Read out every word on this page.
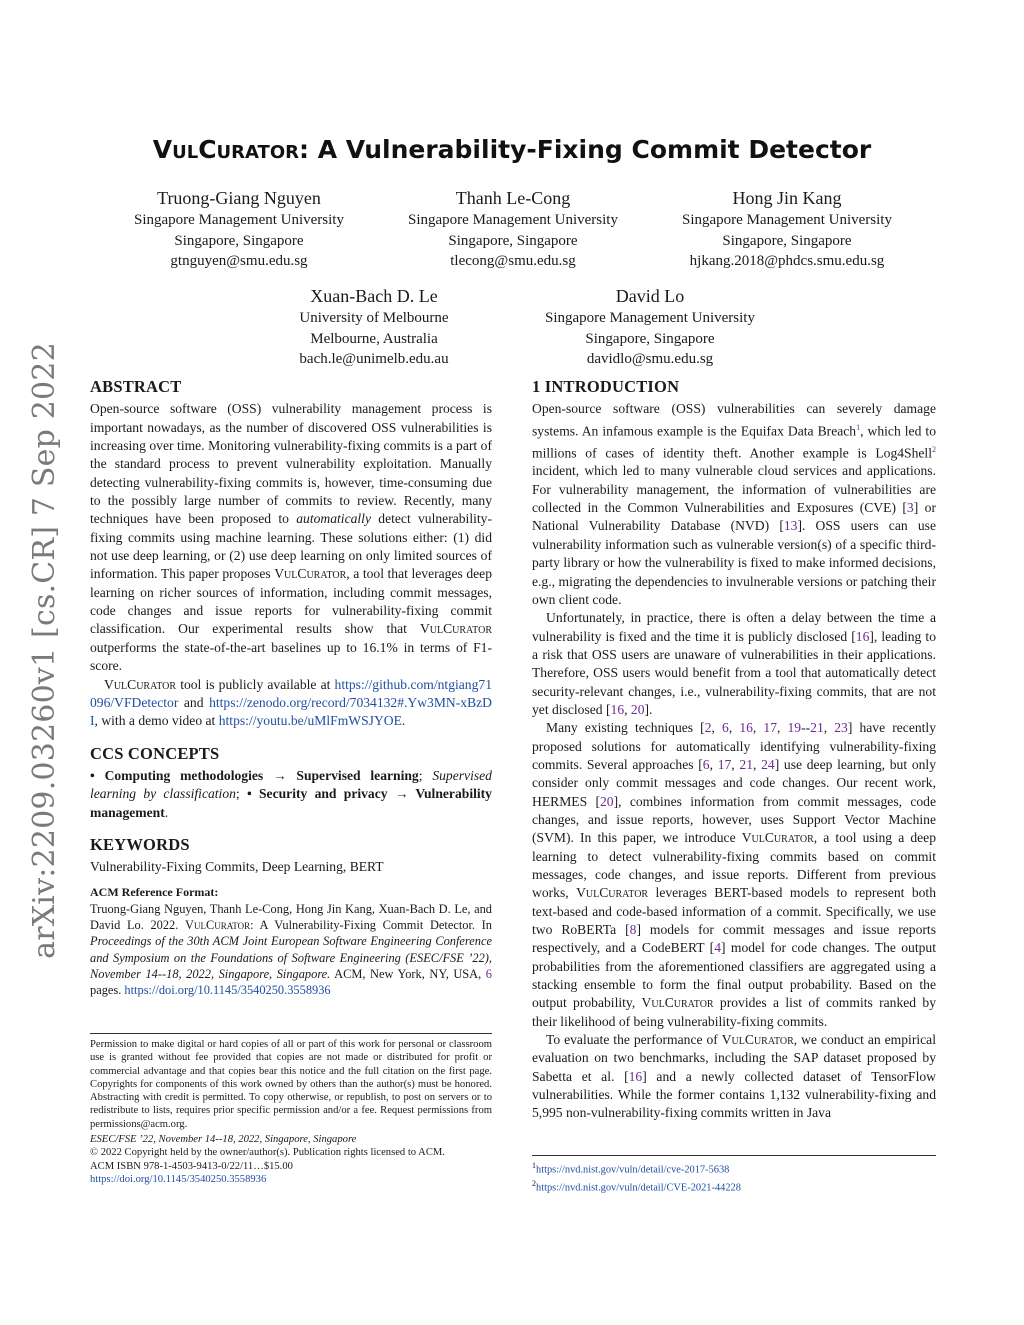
arXiv:2209.03260v1 [cs.CR] 7 Sep 2022
VulCurator: A Vulnerability-Fixing Commit Detector
Truong-Giang Nguyen
Singapore Management University
Singapore, Singapore
gtnguyen@smu.edu.sg
Thanh Le-Cong
Singapore Management University
Singapore, Singapore
tlecong@smu.edu.sg
Hong Jin Kang
Singapore Management University
Singapore, Singapore
hjkang.2018@phdcs.smu.edu.sg
Xuan-Bach D. Le
University of Melbourne
Melbourne, Australia
bach.le@unimelb.edu.au
David Lo
Singapore Management University
Singapore, Singapore
davidlo@smu.edu.sg
ABSTRACT

Open-source software (OSS) vulnerability management process is important nowadays, as the number of discovered OSS vulnerabilities is increasing over time. Monitoring vulnerability-fixing commits is a part of the standard process to prevent vulnerability exploitation. Manually detecting vulnerability-fixing commits is, however, time-consuming due to the possibly large number of commits to review. Recently, many techniques have been proposed to automatically detect vulnerability-fixing commits using machine learning. These solutions either: (1) did not use deep learning, or (2) use deep learning on only limited sources of information. This paper proposes VulCurator, a tool that leverages deep learning on richer sources of information, including commit messages, code changes and issue reports for vulnerability-fixing commit classification. Our experimental results show that VulCurator outperforms the state-of-the-art baselines up to 16.1% in terms of F1-score.

VulCurator tool is publicly available at https://github.com/ntgiang71096/VFDetector and https://zenodo.org/record/7034132#.Yw3MN-xBzDI, with a demo video at https://youtu.be/uMlFmWSJYOE.

CCS CONCEPTS

• Computing methodologies → Supervised learning; Supervised learning by classification; • Security and privacy → Vulnerability management.

KEYWORDS

Vulnerability-Fixing Commits, Deep Learning, BERT

ACM Reference Format:

Truong-Giang Nguyen, Thanh Le-Cong, Hong Jin Kang, Xuan-Bach D. Le, and David Lo. 2022. VulCurator: A Vulnerability-Fixing Commit Detector. In Proceedings of the 30th ACM Joint European Software Engineering Conference and Symposium on the Foundations of Software Engineering (ESEC/FSE ’22), November 14--18, 2022, Singapore, Singapore. ACM, New York, NY, USA, 6 pages. https://doi.org/10.1145/3540250.3558936

Permission to make digital or hard copies of all or part of this work for personal or classroom use is granted without fee provided that copies are not made or distributed for profit or commercial advantage and that copies bear this notice and the full citation on the first page. Copyrights for components of this work owned by others than the author(s) must be honored. Abstracting with credit is permitted. To copy otherwise, or republish, to post on servers or to redistribute to lists, requires prior specific permission and/or a fee. Request permissions from permissions@acm.org.

ESEC/FSE ’22, November 14--18, 2022, Singapore, Singapore

© 2022 Copyright held by the owner/author(s). Publication rights licensed to ACM.

ACM ISBN 978-1-4503-9413-0/22/11…$15.00

https://doi.org/10.1145/3540250.3558936

1 INTRODUCTION

Open-source software (OSS) vulnerabilities can severely damage systems. An infamous example is the Equifax Data Breach$^1$, which led to millions of cases of identity theft. Another example is Log4Shell$^2$ incident, which led to many vulnerable cloud services and applications. For vulnerability management, the information of vulnerabilities are collected in the Common Vulnerabilities and Exposures (CVE) [3] or National Vulnerability Database (NVD) [13]. OSS users can use vulnerability information such as vulnerable version(s) of a specific third-party library or how the vulnerability is fixed to make informed decisions, e.g., migrating the dependencies to invulnerable versions or patching their own client code.

Unfortunately, in practice, there is often a delay between the time a vulnerability is fixed and the time it is publicly disclosed [16], leading to a risk that OSS users are unaware of vulnerabilities in their applications. Therefore, OSS users would benefit from a tool that automatically detect security-relevant changes, i.e., vulnerability-fixing commits, that are not yet disclosed [16, 20].

Many existing techniques [2, 6, 16, 17, 19--21, 23] have recently proposed solutions for automatically identifying vulnerability-fixing commits. Several approaches [6, 17, 21, 24] use deep learning, but only consider only commit messages and code changes. Our recent work, HERMES [20], combines information from commit messages, code changes, and issue reports, however, uses Support Vector Machine (SVM). In this paper, we introduce VulCurator, a tool using a deep learning to detect vulnerability-fixing commits based on commit messages, code changes, and issue reports. Different from previous works, VulCurator leverages BERT-based models to represent both text-based and code-based information of a commit. Specifically, we use two RoBERTa [8] models for commit messages and issue reports respectively, and a CodeBERT [4] model for code changes. The output probabilities from the aforementioned classifiers are aggregated using a stacking ensemble to form the final output probability. Based on the output probability, VulCurator provides a list of commits ranked by their likelihood of being vulnerability-fixing commits.

To evaluate the performance of VulCurator, we conduct an empirical evaluation on two benchmarks, including the SAP dataset proposed by Sabetta et al. [16] and a newly collected dataset of TensorFlow vulnerabilities. While the former contains 1,132 vulnerability-fixing and 5,995 non-vulnerability-fixing commits written in Java

$^1$https://nvd.nist.gov/vuln/detail/cve-2017-5638
$^2$https://nvd.nist.gov/vuln/detail/CVE-2021-44228
